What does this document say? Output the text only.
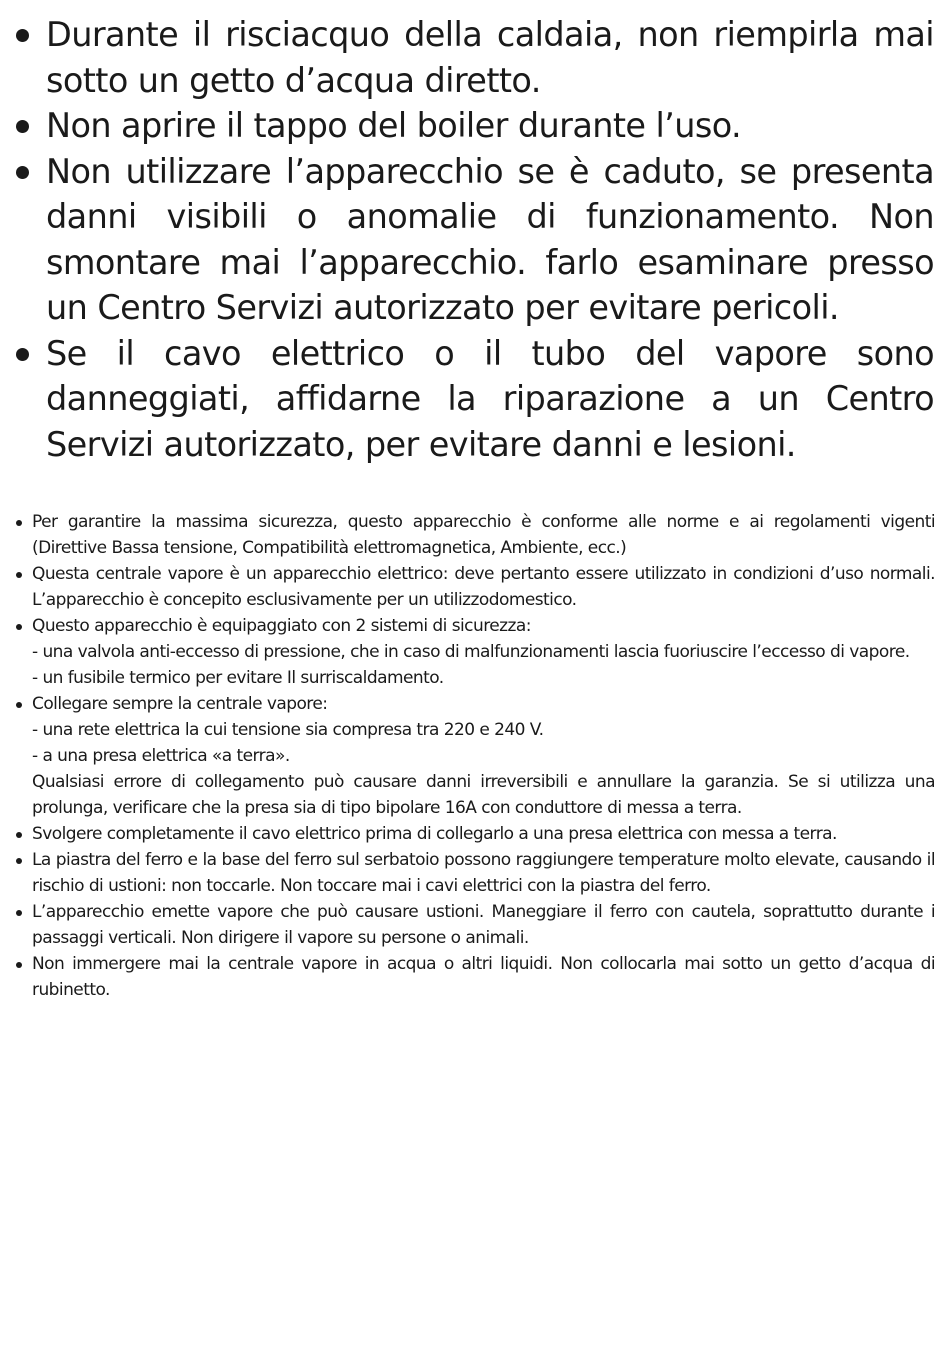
Durante il risciacquo della caldaia, non riempirla mai sotto un getto d’acqua diretto.
Non aprire il tappo del boiler durante l’uso.
Non utilizzare l’apparecchio se è caduto, se presenta danni visibili o anomalie di funzionamento. Non smontare mai l’apparecchio. farlo esaminare presso un Centro Servizi autorizzato per evitare pericoli.
Se il cavo elettrico o il tubo del vapore sono danneggiati, affidarne la riparazione a un Centro Servizi autorizzato, per evitare danni e lesioni.
Per garantire la massima sicurezza, questo apparecchio è conforme alle norme e ai regolamenti vigenti (Direttive Bassa tensione, Compatibilità elettromagnetica, Ambiente, ecc.)
Questa centrale vapore è un apparecchio elettrico: deve pertanto essere utilizzato in condizioni d’uso normali. L’apparecchio è concepito esclusivamente per un utilizzodomestico.
Questo apparecchio è equipaggiato con 2 sistemi di sicurezza:
- una valvola anti-eccesso di pressione, che in caso di malfunzionamenti lascia fuoriuscire l’eccesso di vapore.
- un fusibile termico per evitare Il surriscaldamento.
Collegare sempre la centrale vapore:
- una rete elettrica la cui tensione sia compresa tra 220 e 240 V.
- a una presa elettrica «a terra».
Qualsiasi errore di collegamento può causare danni irreversibili e annullare la garanzia. Se si utilizza una prolunga, verificare che la presa sia di tipo bipolare 16A con conduttore di messa a terra.
Svolgere completamente il cavo elettrico prima di collegarlo a una presa elettrica con messa a terra.
La piastra del ferro e la base del ferro sul serbatoio possono raggiungere temperature molto elevate, causando il rischio di ustioni: non toccarle. Non toccare mai i cavi elettrici con la piastra del ferro.
L’apparecchio emette vapore che può causare ustioni. Maneggiare il ferro con cautela, soprattutto durante i passaggi verticali. Non dirigere il vapore su persone o animali.
Non immergere mai la centrale vapore in acqua o altri liquidi. Non collocarla mai sotto un getto d’acqua di rubinetto.
